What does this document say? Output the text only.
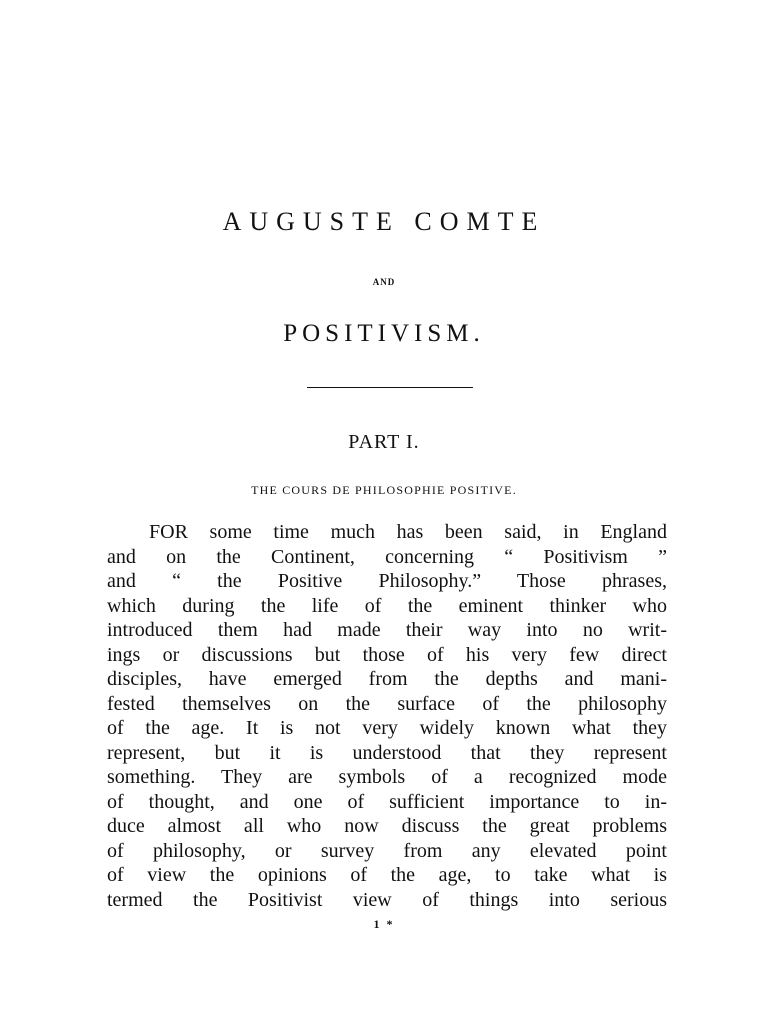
AUGUSTE COMTE
AND
POSITIVISM.
PART I.
THE COURS DE PHILOSOPHIE POSITIVE.

FOR some time much has been said, in England
and on the Continent, concerning “ Positivism ”
and “ the Positive Philosophy.” Those phrases,
which during the life of the eminent thinker who
introduced them had made their way into no writ-
ings or discussions but those of his very few direct
disciples, have emerged from the depths and mani-
fested themselves on the surface of the philosophy
of the age. It is not very widely known what they
represent, but it is understood that they represent
something. They are symbols of a recognized mode
of thought, and one of sufficient importance to in-
duce almost all who now discuss the great problems
of philosophy, or survey from any elevated point
of view the opinions of the age, to take what is
termed the Positivist view of things into serious

1 *
